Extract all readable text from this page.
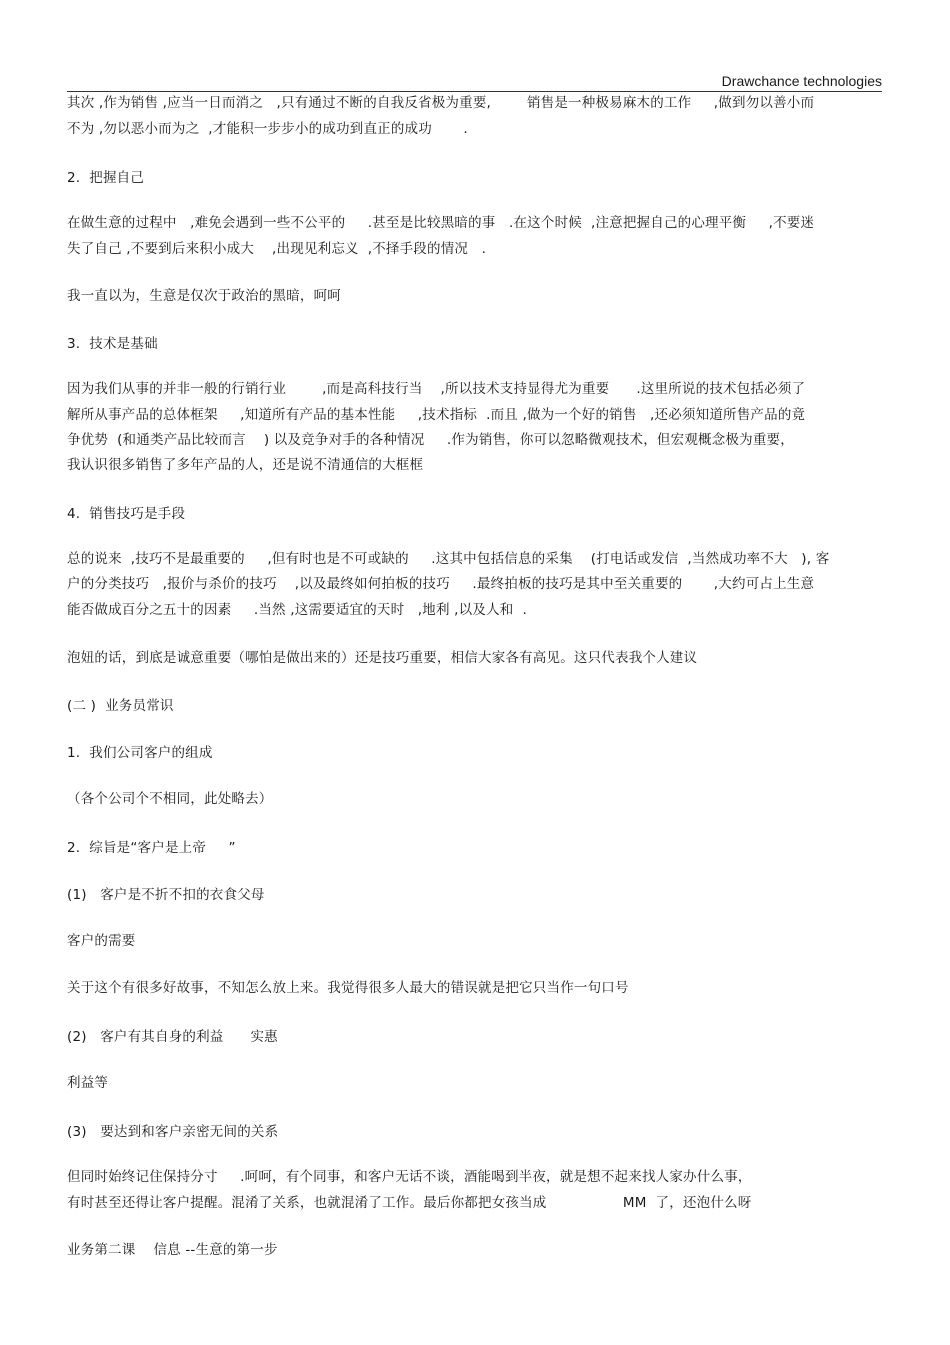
Drawchance technologies
其次 ,作为销售 ,应当一日而消之   ,只有通过不断的自我反省极为重要,        销售是一种极易麻木的工作     ,做到勿以善小而
不为 ,勿以恶小而为之  ,才能积一步步小的成功到直正的成功       .
2.  把握自己
在做生意的过程中   ,难免会遇到一些不公平的     .甚至是比较黑暗的事   .在这个时候  ,注意把握自己的心理平衡     ,不要迷
失了自己 ,不要到后来积小成大    ,出现见利忘义  ,不择手段的情况   .
我一直以为，生意是仅次于政治的黑暗，呵呵
3.  技术是基础
因为我们从事的并非一般的行销行业        ,而是高科技行当    ,所以技术支持显得尤为重要      .这里所说的技术包括必须了
解所从事产品的总体框架     ,知道所有产品的基本性能     ,技术指标  .而且 ,做为一个好的销售   ,还必须知道所售产品的竟
争优势  (和通类产品比较而言    ) 以及竞争对手的各种情况     .作为销售，你可以忽略微观技术，但宏观概念极为重要，
我认识很多销售了多年产品的人，还是说不清通信的大框框
4.  销售技巧是手段
总的说来  ,技巧不是最重要的     ,但有时也是不可或缺的     .这其中包括信息的采集    (打电话或发信  ,当然成功率不大   ), 客
户的分类技巧   ,报价与杀价的技巧    ,以及最终如何拍板的技巧     .最终拍板的技巧是其中至关重要的       ,大约可占上生意
能否做成百分之五十的因素     .当然 ,这需要适宜的天时   ,地利 ,以及人和  .
泡妞的话，到底是诚意重要（哪怕是做出来的）还是技巧重要，相信大家各有高见。这只代表我个人建议
(二 )  业务员常识
1.  我们公司客户的组成
（各个公司个不相同，此处略去）
2.  综旨是“客户是上帝     ”
(1)   客户是不折不扣的衣食父母
客户的需要
关于这个有很多好故事，不知怎么放上来。我觉得很多人最大的错误就是把它只当作一句口号
(2)   客户有其自身的利益      实惠
利益等
(3)   要达到和客户亲密无间的关系
但同时始终记住保持分寸     .呵呵，有个同事，和客户无话不谈，酒能喝到半夜，就是想不起来找人家办什么事，
有时甚至还得让客户提醒。混淆了关系，也就混淆了工作。最后你都把女孩当成                 MM  了，还泡什么呀
业务第二课    信息 --生意的第一步
